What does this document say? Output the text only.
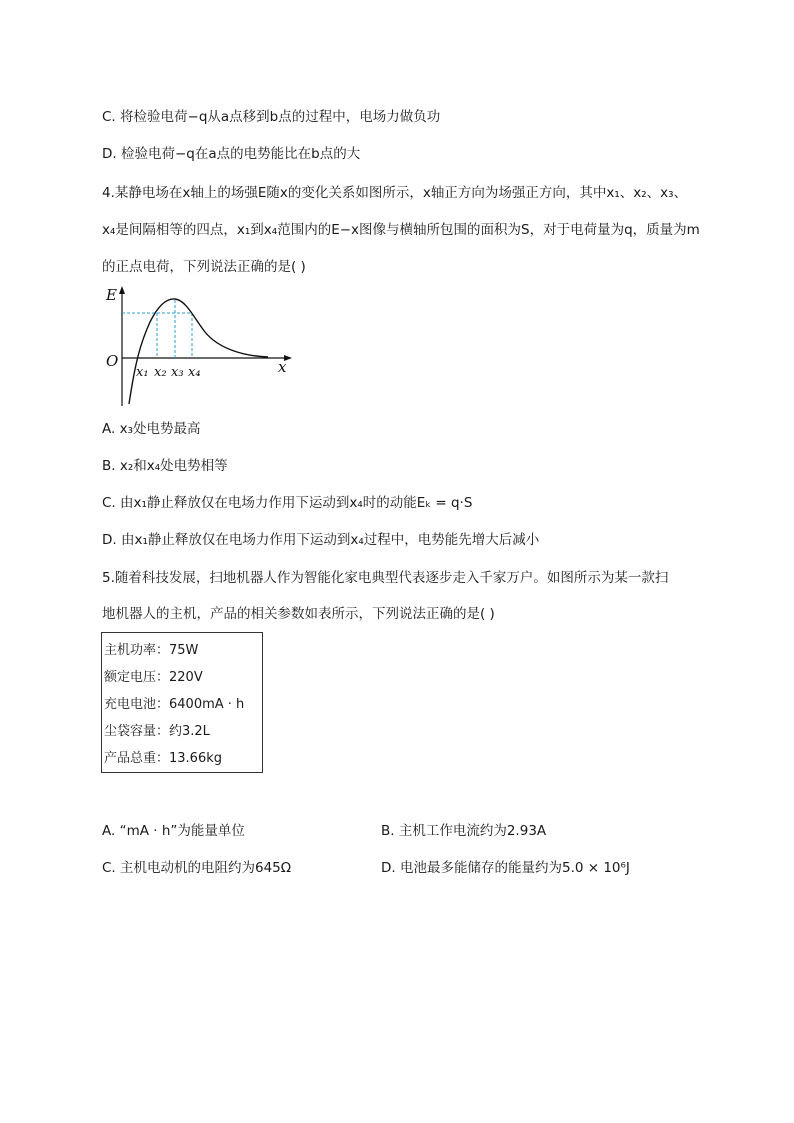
C. 将检验电荷−q从a点移到b点的过程中，电场力做负功
D. 检验电荷−q在a点的电势能比在b点的大
4.某静电场在x轴上的场强E随x的变化关系如图所示，x轴正方向为场强正方向，其中x₁、x₂、x₃、
x₄是间隔相等的四点，x₁到x₄范围内的E−x图像与横轴所包围的面积为S，对于电荷量为q，质量为m
的正点电荷，下列说法正确的是( )
E
O	x
x₁ x₂ x₃ x₄
A. x₃处电势最高
B. x₂和x₄处电势相等
C. 由x₁静止释放仅在电场力作用下运动到x₄时的动能Eₖ = q·S
D. 由x₁静止释放仅在电场力作用下运动到x₄过程中，电势能先增大后减小
5.随着科技发展，扫地机器人作为智能化家电典型代表逐步走入千家万户。如图所示为某一款扫
地机器人的主机，产品的相关参数如表所示，下列说法正确的是( )
主机功率：75W
额定电压：220V
充电电池：6400mA · h
尘袋容量：约3.2L
产品总重：13.66kg
A. “mA · h”为能量单位	B. 主机工作电流约为2.93A
C. 主机电动机的电阻约为645Ω	D. 电池最多能储存的能量约为5.0 × 10⁶J
